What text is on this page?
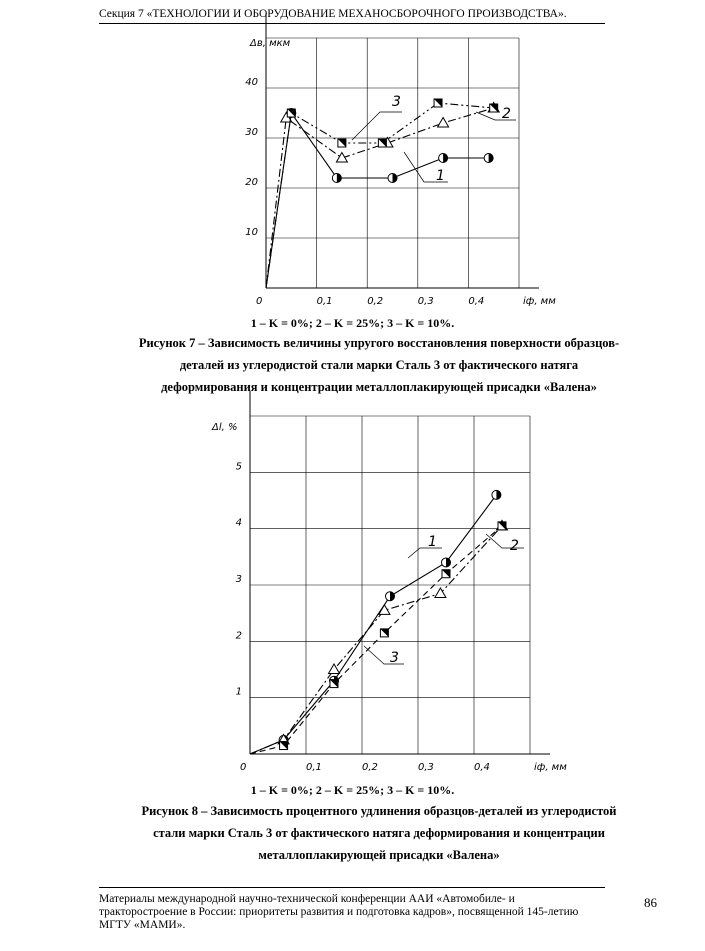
Секция 7 «ТЕХНОЛОГИИ И ОБОРУДОВАНИЕ МЕХАНОСБОРОЧНОГО ПРОИЗВОДСТВА».
0	0,1	0,2	0,3	0,4
10
20
30
40
Δв, мкм
iф, мм
1
2
3
1 – K = 0%; 2 – K = 25%; 3 – K = 10%.
Рисунок 7 – Зависимость величины упругого восстановления поверхности образцов-
деталей из углеродистой стали марки Сталь 3 от фактического натяга
деформирования и концентрации металлоплакирующей присадки «Валена»
0	0,1	0,2	0,3	0,4
1
2
3
4
5
Δl, %
iф, мм
1	2
3
1 – K = 0%; 2 – K = 25%; 3 – K = 10%.
Рисунок 8 – Зависимость процентного удлинения образцов-деталей из углеродистой
стали марки Сталь 3 от фактического натяга деформирования и концентрации
металлоплакирующей присадки «Валена»
Материалы международной научно-технической конференции ААИ «Автомобиле- и
тракторостроение в России: приоритеты развития и подготовка кадров», посвященной 145-летию
МГТУ «МАМИ».
86
